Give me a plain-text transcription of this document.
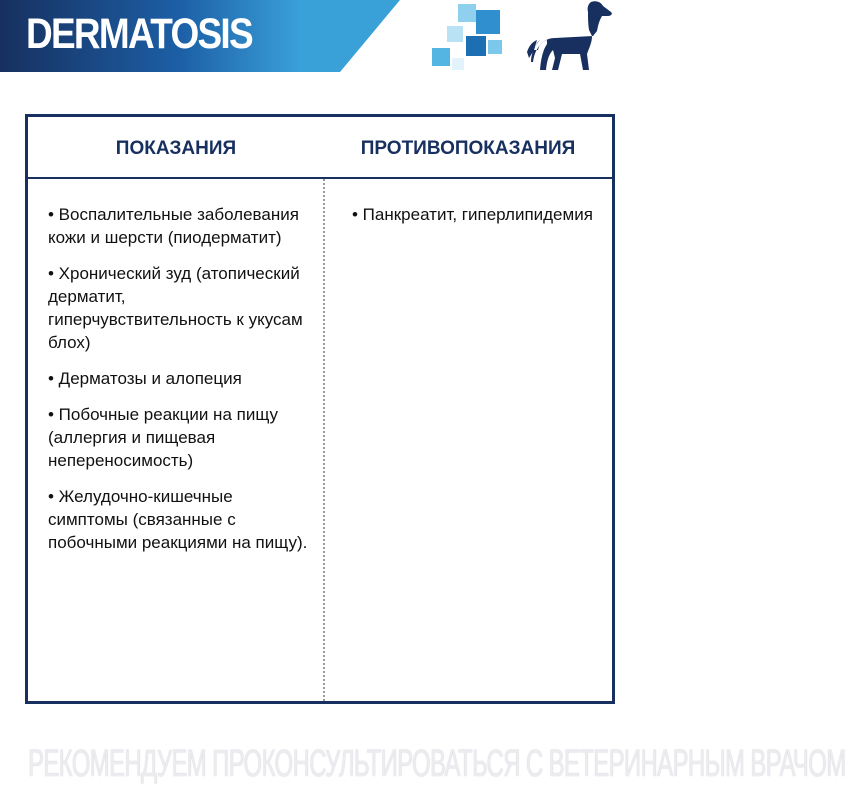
DERMATOSIS
ПОКАЗАНИЯ	ПРОТИВОПОКАЗАНИЯ
• Воспалительные заболевания кожи и шерсти (пиодерматит)
• Хронический зуд (атопический дерматит, гиперчувствительность к укусам блох)
• Дерматозы и алопеция
• Побочные реакции на пищу (аллергия и пищевая непереносимость)
• Желудочно-кишечные симптомы (связанные с побочными реакциями на пищу).
• Панкреатит, гиперлипидемия
РЕКОМЕНДУЕМ ПРОКОНСУЛЬТИРОВАТЬСЯ С ВЕТЕРИНАРНЫМ ВРАЧОМ
